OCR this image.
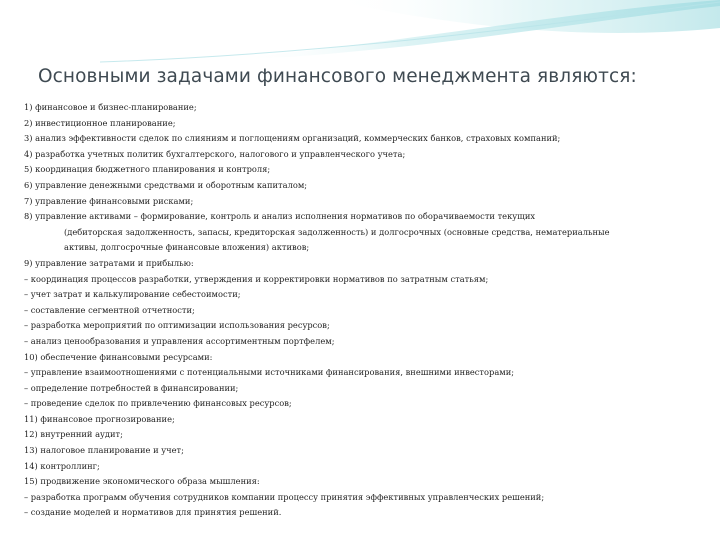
Основными задачами финансового менеджмента являются:
1) финансовое и бизнес-планирование;
2) инвестиционное планирование;
3) анализ эффективности сделок по слияниям и поглощениям организаций, коммерческих банков, страховых компаний;
4) разработка учетных политик бухгалтерского, налогового и управленческого учета;
5) координация бюджетного планирования и контроля;
6) управление денежными средствами и оборотным капиталом;
7) управление финансовыми рисками;
8) управление активами – формирование, контроль и анализ исполнения нормативов по оборачиваемости текущих
(дебиторская задолженность, запасы, кредиторская задолженность) и долгосрочных (основные средства, нематериальные
активы, долгосрочные финансовые вложения) активов;
9) управление затратами и прибылью:
– координация процессов разработки, утверждения и корректировки нормативов по затратным статьям;
– учет затрат и калькулирование себестоимости;
– составление сегментной отчетности;
– разработка мероприятий по оптимизации использования ресурсов;
– анализ ценообразования и управления ассортиментным портфелем;
10) обеспечение финансовыми ресурсами:
– управление взаимоотношениями с потенциальными источниками финансирования, внешними инвесторами;
– определение потребностей в финансировании;
– проведение сделок по привлечению финансовых ресурсов;
11) финансовое прогнозирование;
12) внутренний аудит;
13) налоговое планирование и учет;
14) контроллинг;
15) продвижение экономического образа мышления:
– разработка программ обучения сотрудников компании процессу принятия эффективных управленческих решений;
– создание моделей и нормативов для принятия решений.
